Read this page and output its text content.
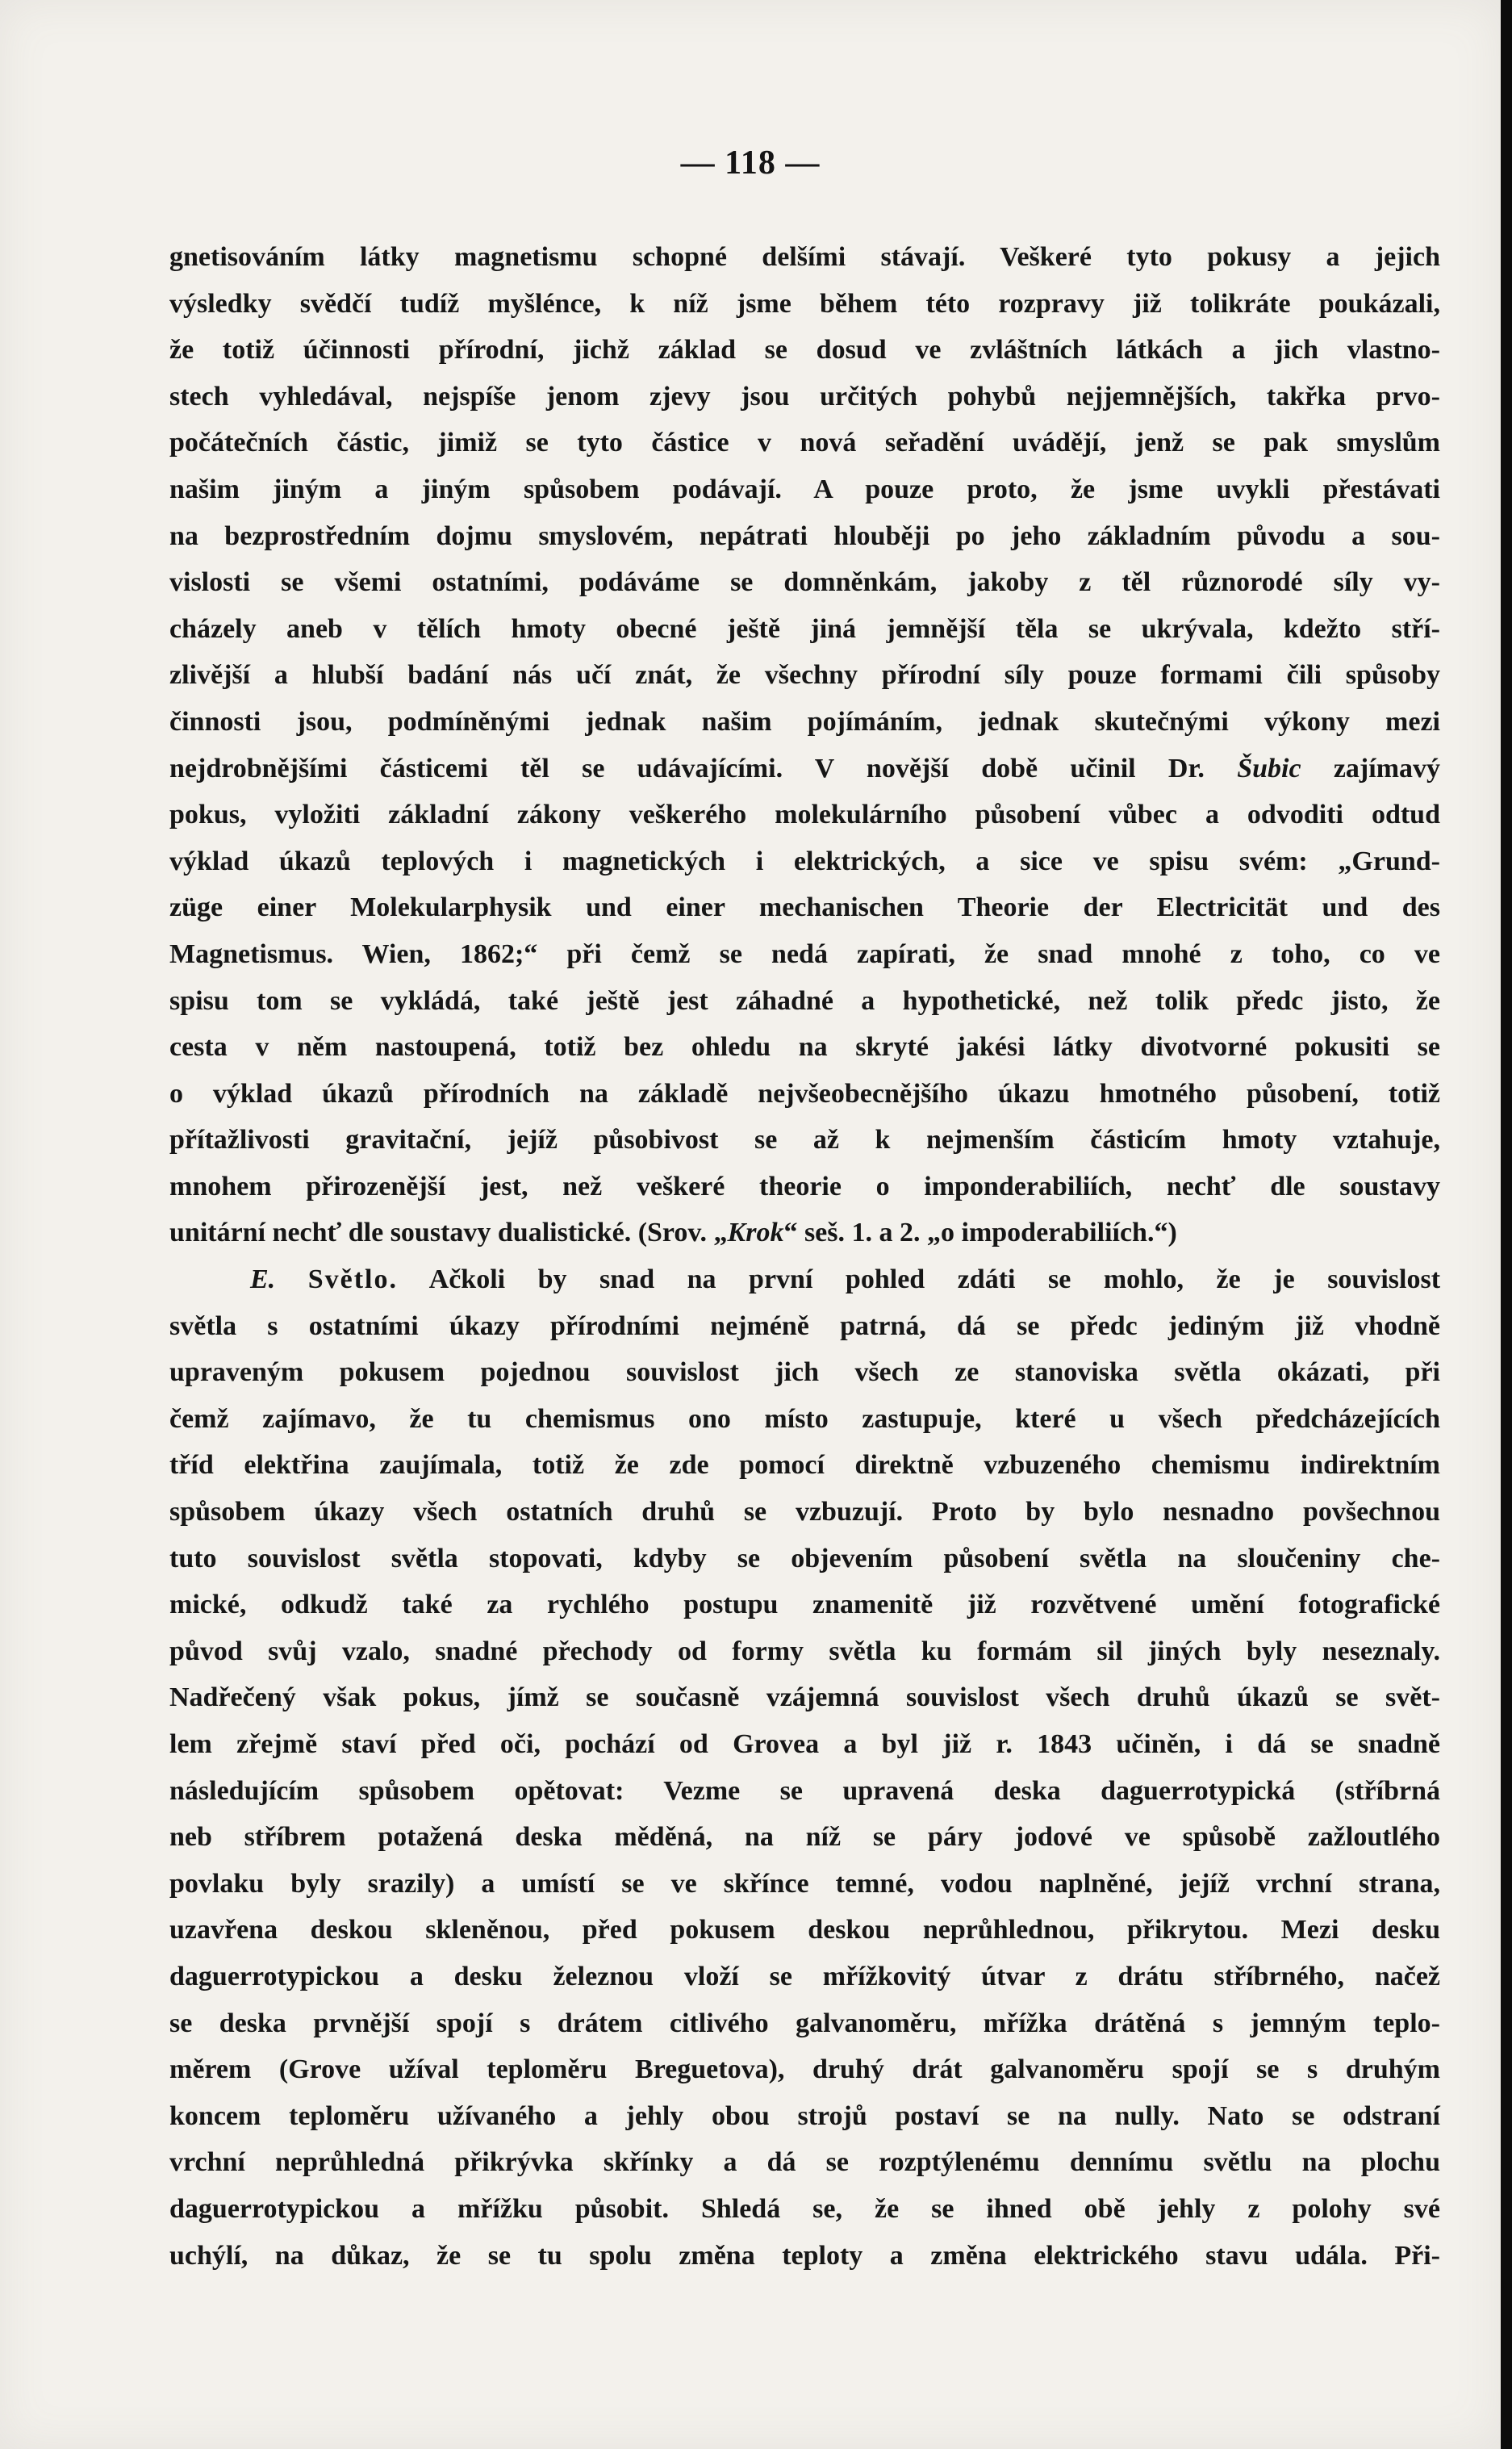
— 118 —

gnetisováním látky magnetismu schopné delšími stávají. Veškeré tyto pokusy a jejich

výsledky svědčí tudíž myšlénce, k níž jsme během této rozpravy již tolikráte poukázali,

že totiž účinnosti přírodní, jichž základ se dosud ve zvláštních látkách a jich vlastno-

stech vyhledával, nejspíše jenom zjevy jsou určitých pohybů nejjemnějších, takřka prvo-

počátečních částic, jimiž se tyto částice v nová seřadění uvádějí, jenž se pak smyslům

našim jiným a jiným spůsobem podávají. A pouze proto, že jsme uvykli přestávati

na bezprostředním dojmu smyslovém, nepátrati hlouběji po jeho základním původu a sou-

vislosti se všemi ostatními, podáváme se domněnkám, jakoby z těl různorodé síly vy-

cházely aneb v tělích hmoty obecné ještě jiná jemnější těla se ukrývala, kdežto stří-

zlivější a hlubší badání nás učí znát, že všechny přírodní síly pouze formami čili spůsoby

činnosti jsou, podmíněnými jednak našim pojímáním, jednak skutečnými výkony mezi

nejdrobnějšími částicemi těl se udávajícími. V novější době učinil Dr. Šubic zajímavý

pokus, vyložiti základní zákony veškerého molekulárního působení vůbec a odvoditi odtud

výklad úkazů teplových i magnetických i elektrických, a sice ve spisu svém: „Grund-

züge einer Molekularphysik und einer mechanischen Theorie der Electricität und des

Magnetismus. Wien, 1862;“ při čemž se nedá zapírati, že snad mnohé z toho, co ve

spisu tom se vykládá, také ještě jest záhadné a hypothetické, než tolik předc jisto, že

cesta v něm nastoupená, totiž bez ohledu na skryté jakési látky divotvorné pokusiti se

o výklad úkazů přírodních na základě nejvšeobecnějšího úkazu hmotného působení, totiž

přítažlivosti gravitační, jejíž působivost se až k nejmenším částicím hmoty vztahuje,

mnohem přirozenější jest, než veškeré theorie o imponderabiliích, nechť dle soustavy

unitární nechť dle soustavy dualistické. (Srov. „Krok“ seš. 1. a 2. „o impoderabiliích.“)

E. Světlo. Ačkoli by snad na první pohled zdáti se mohlo, že je souvislost

světla s ostatními úkazy přírodními nejméně patrná, dá se předc jediným již vhodně

upraveným pokusem pojednou souvislost jich všech ze stanoviska světla okázati, při

čemž zajímavo, že tu chemismus ono místo zastupuje, které u všech předcházejících

tříd elektřina zaujímala, totiž že zde pomocí direktně vzbuzeného chemismu indirektním

spůsobem úkazy všech ostatních druhů se vzbuzují. Proto by bylo nesnadno povšechnou

tuto souvislost světla stopovati, kdyby se objevením působení světla na sloučeniny che-

mické, odkudž také za rychlého postupu znamenitě již rozvětvené umění fotografické

původ svůj vzalo, snadné přechody od formy světla ku formám sil jiných byly neseznaly.

Nadřečený však pokus, jímž se současně vzájemná souvislost všech druhů úkazů se svět-

lem zřejmě staví před oči, pochází od Grovea a byl již r. 1843 učiněn, i dá se snadně

následujícím spůsobem opětovat: Vezme se upravená deska daguerrotypická (stříbrná

neb stříbrem potažená deska měděná, na níž se páry jodové ve spůsobě zažloutlého

povlaku byly srazily) a umístí se ve skřínce temné, vodou naplněné, jejíž vrchní strana,

uzavřena deskou skleněnou, před pokusem deskou neprůhlednou, přikrytou. Mezi desku

daguerrotypickou a desku železnou vloží se mřížkovitý útvar z drátu stříbrného, načež

se deska prvnější spojí s drátem citlivého galvanoměru, mřížka drátěná s jemným teplo-

měrem (Grove užíval teploměru Breguetova), druhý drát galvanoměru spojí se s druhým

koncem teploměru užívaného a jehly obou strojů postaví se na nully. Nato se odstraní

vrchní neprůhledná přikrývka skřínky a dá se rozptýlenému dennímu světlu na plochu

daguerrotypickou a mřížku působit. Shledá se, že se ihned obě jehly z polohy své

uchýlí, na důkaz, že se tu spolu změna teploty a změna elektrického stavu udála. Při-
